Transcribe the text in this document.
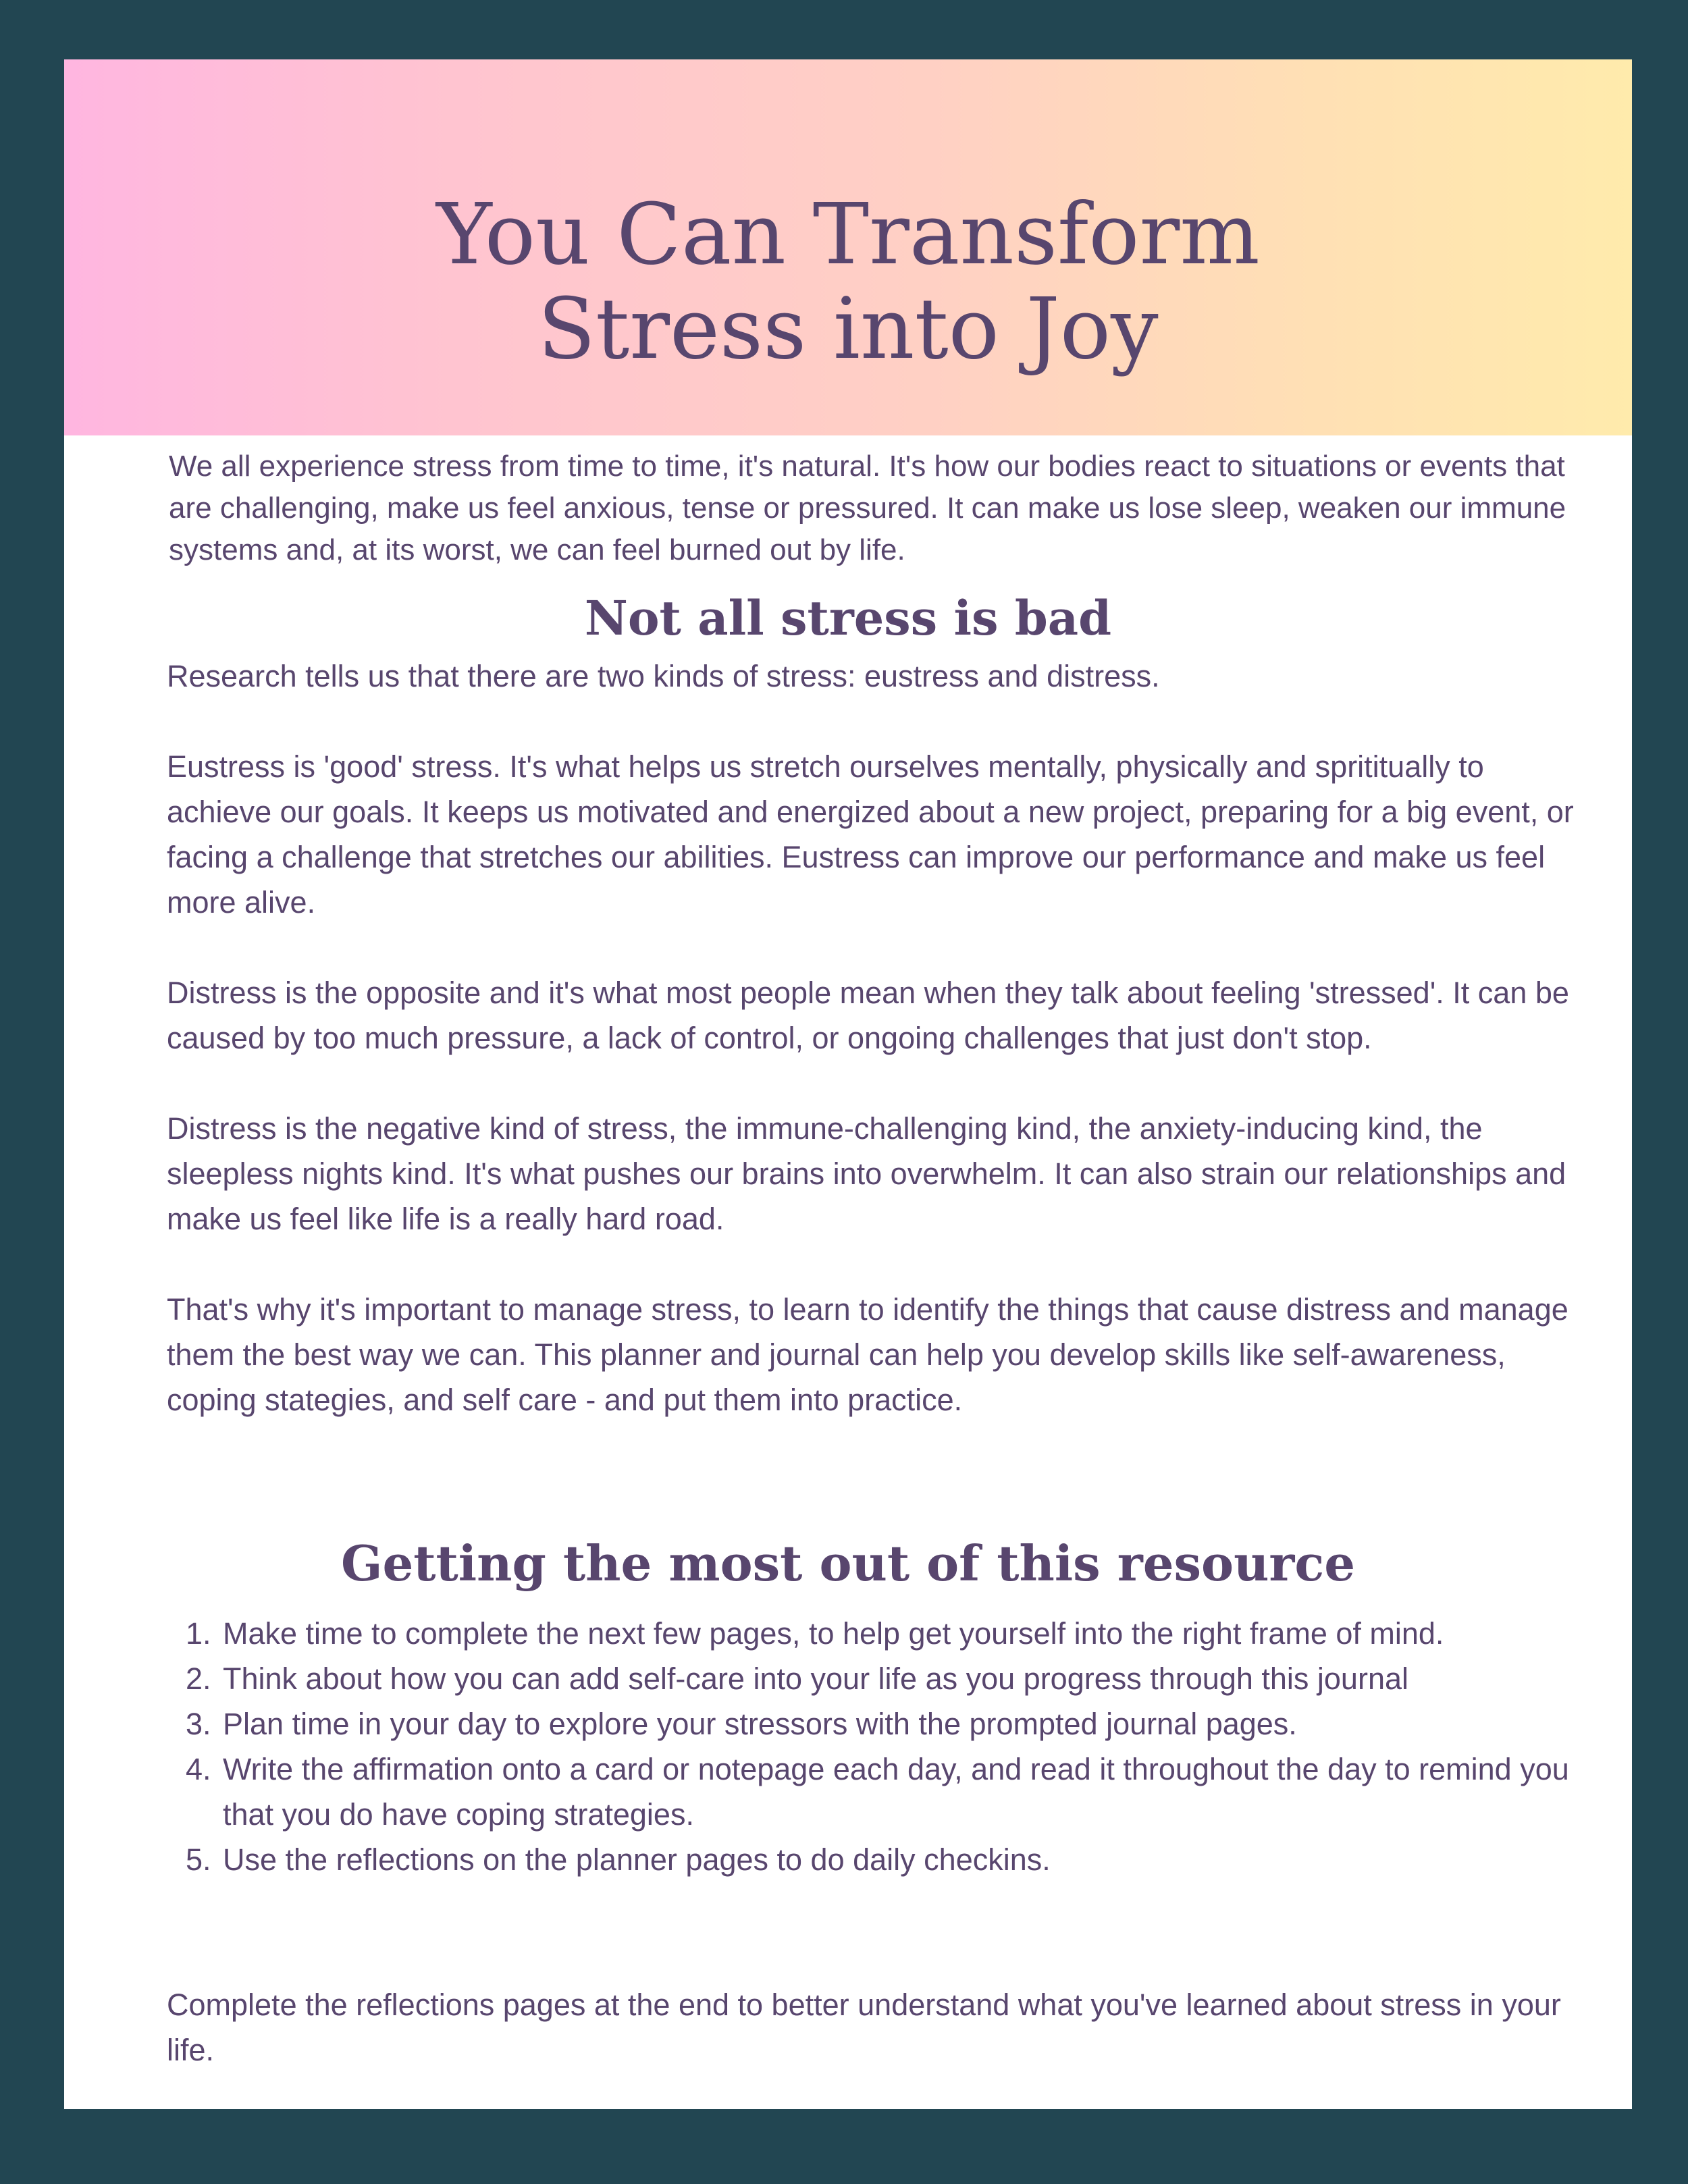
You Can Transform
Stress into Joy

We all experience stress from time to time, it's natural. It's how our bodies react to situations or events that are challenging, make us feel anxious, tense or pressured. It can make us lose sleep, weaken our immune systems and, at its worst, we can feel burned out by life.

Not all stress is bad

Research tells us that there are two kinds of stress: eustress and distress.

Eustress is 'good' stress. It's what helps us stretch ourselves mentally, physically and sprititually to achieve our goals. It keeps us motivated and energized about a new project, preparing for a big event, or facing a challenge that stretches our abilities. Eustress can improve our performance and make us feel more alive.

Distress is the opposite and it's what most people mean when they talk about feeling 'stressed'. It can be caused by too much pressure, a lack of control, or ongoing challenges that just don't stop.

Distress is the negative kind of stress, the immune-challenging kind, the anxiety-inducing kind, the sleepless nights kind. It's what pushes our brains into overwhelm. It can also strain our relationships and make us feel like life is a really hard road.

That's why it's important to manage stress, to learn to identify the things that cause distress and manage them the best way we can. This planner and journal can help you develop skills like self-awareness, coping stategies, and self care - and put them into practice.

Getting the most out of this resource
1. Make time to complete the next few pages, to help get yourself into the right frame of mind.
2. Think about how you can add self-care into your life as you progress through this journal
3. Plan time in your day to explore your stressors with the prompted journal pages.
4. Write the affirmation onto a card or notepage each day, and read it throughout the day to remind you that you do have coping strategies.
5. Use the reflections on the planner pages to do daily checkins.

Complete the reflections pages at the end to better understand what you've learned about stress in your life.
